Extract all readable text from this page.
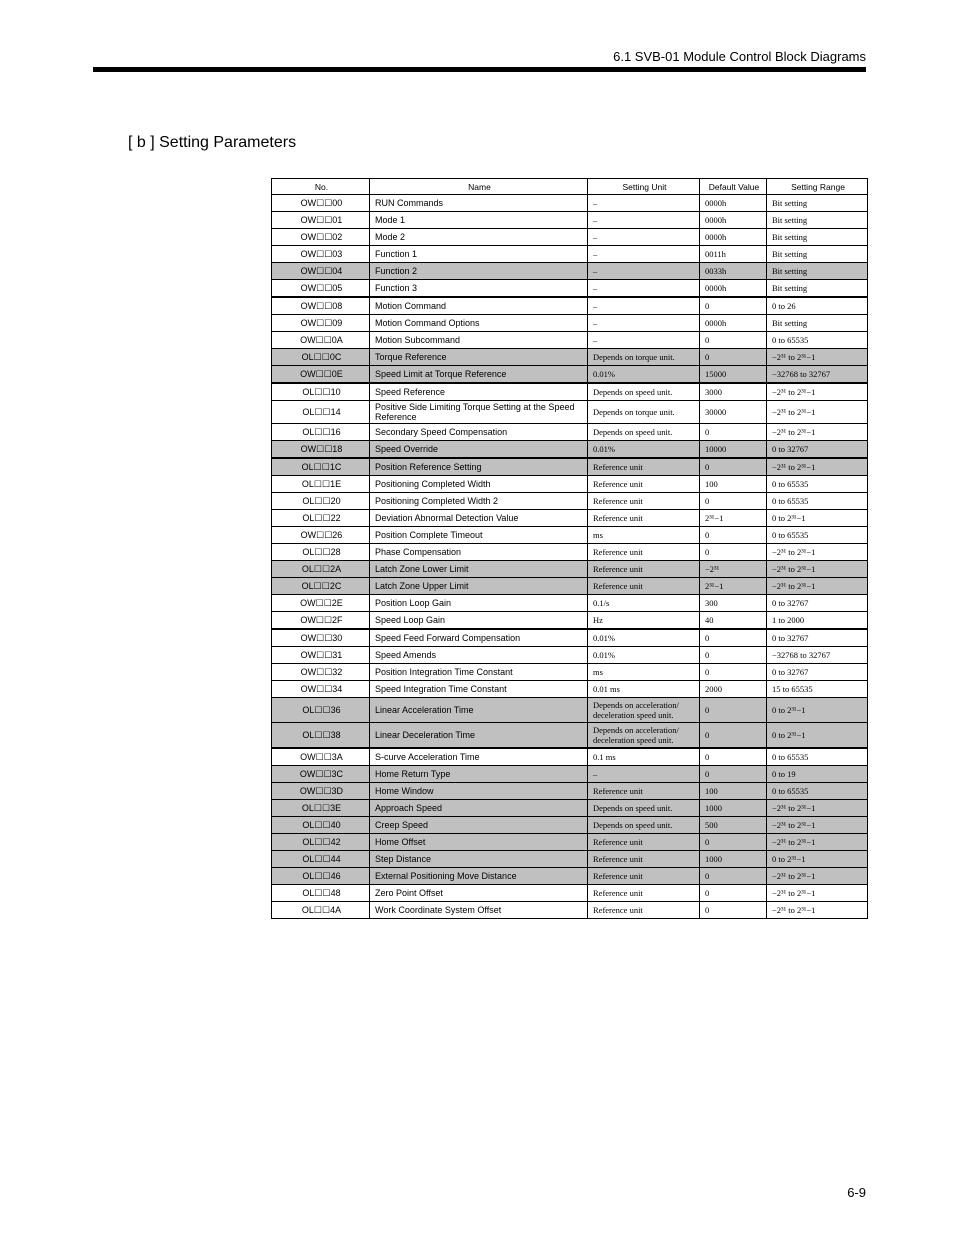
6.1 SVB-01 Module Control Block Diagrams
[ b ] Setting Parameters
No.	Name	Setting Unit	Default Value	Setting Range
OW☐☐00	RUN Commands	–	0000h	Bit setting
OW☐☐01	Mode 1	–	0000h	Bit setting
OW☐☐02	Mode 2	–	0000h	Bit setting
OW☐☐03	Function 1	–	0011h	Bit setting
OW☐☐04	Function 2	–	0033h	Bit setting
OW☐☐05	Function 3	–	0000h	Bit setting
OW☐☐08	Motion Command	–	0	0 to 26
OW☐☐09	Motion Command Options	–	0000h	Bit setting
OW☐☐0A	Motion Subcommand	–	0	0 to 65535
OL☐☐0C	Torque Reference	Depends on torque unit.	0	−2³¹ to 2³¹−1
OW☐☐0E	Speed Limit at Torque Reference	0.01%	15000	−32768 to 32767
OL☐☐10	Speed Reference	Depends on speed unit.	3000	−2³¹ to 2³¹−1
OL☐☐14	Positive Side Limiting Torque Setting at the Speed Reference	Depends on torque unit.	30000	−2³¹ to 2³¹−1
OL☐☐16	Secondary Speed Compensation	Depends on speed unit.	0	−2³¹ to 2³¹−1
OW☐☐18	Speed Override	0.01%	10000	0 to 32767
OL☐☐1C	Position Reference Setting	Reference unit	0	−2³¹ to 2³¹−1
OL☐☐1E	Positioning Completed Width	Reference unit	100	0 to 65535
OL☐☐20	Positioning Completed Width 2	Reference unit	0	0 to 65535
OL☐☐22	Deviation Abnormal Detection Value	Reference unit	2³¹−1	0 to 2³¹−1
OW☐☐26	Position Complete Timeout	ms	0	0 to 65535
OL☐☐28	Phase Compensation	Reference unit	0	−2³¹ to 2³¹−1
OL☐☐2A	Latch Zone Lower Limit	Reference unit	−2³¹	−2³¹ to 2³¹−1
OL☐☐2C	Latch Zone Upper Limit	Reference unit	2³¹−1	−2³¹ to 2³¹−1
OW☐☐2E	Position Loop Gain	0.1/s	300	0 to 32767
OW☐☐2F	Speed Loop Gain	Hz	40	1 to 2000
OW☐☐30	Speed Feed Forward Compensation	0.01%	0	0 to 32767
OW☐☐31	Speed Amends	0.01%	0	−32768 to 32767
OW☐☐32	Position Integration Time Constant	ms	0	0 to 32767
OW☐☐34	Speed Integration Time Constant	0.01 ms	2000	15 to 65535
OL☐☐36	Linear Acceleration Time	Depends on acceleration/ deceleration speed unit.	0	0 to 2³¹−1
OL☐☐38	Linear Deceleration Time	Depends on acceleration/ deceleration speed unit.	0	0 to 2³¹−1
OW☐☐3A	S-curve Acceleration Time	0.1 ms	0	0 to 65535
OW☐☐3C	Home Return Type	–	0	0 to 19
OW☐☐3D	Home Window	Reference unit	100	0 to 65535
OL☐☐3E	Approach Speed	Depends on speed unit.	1000	−2³¹ to 2³¹−1
OL☐☐40	Creep Speed	Depends on speed unit.	500	−2³¹ to 2³¹−1
OL☐☐42	Home Offset	Reference unit	0	−2³¹ to 2³¹−1
OL☐☐44	Step Distance	Reference unit	1000	0 to 2³¹−1
OL☐☐46	External Positioning Move Distance	Reference unit	0	−2³¹ to 2³¹−1
OL☐☐48	Zero Point Offset	Reference unit	0	−2³¹ to 2³¹−1
OL☐☐4A	Work Coordinate System Offset	Reference unit	0	−2³¹ to 2³¹−1
6-9
